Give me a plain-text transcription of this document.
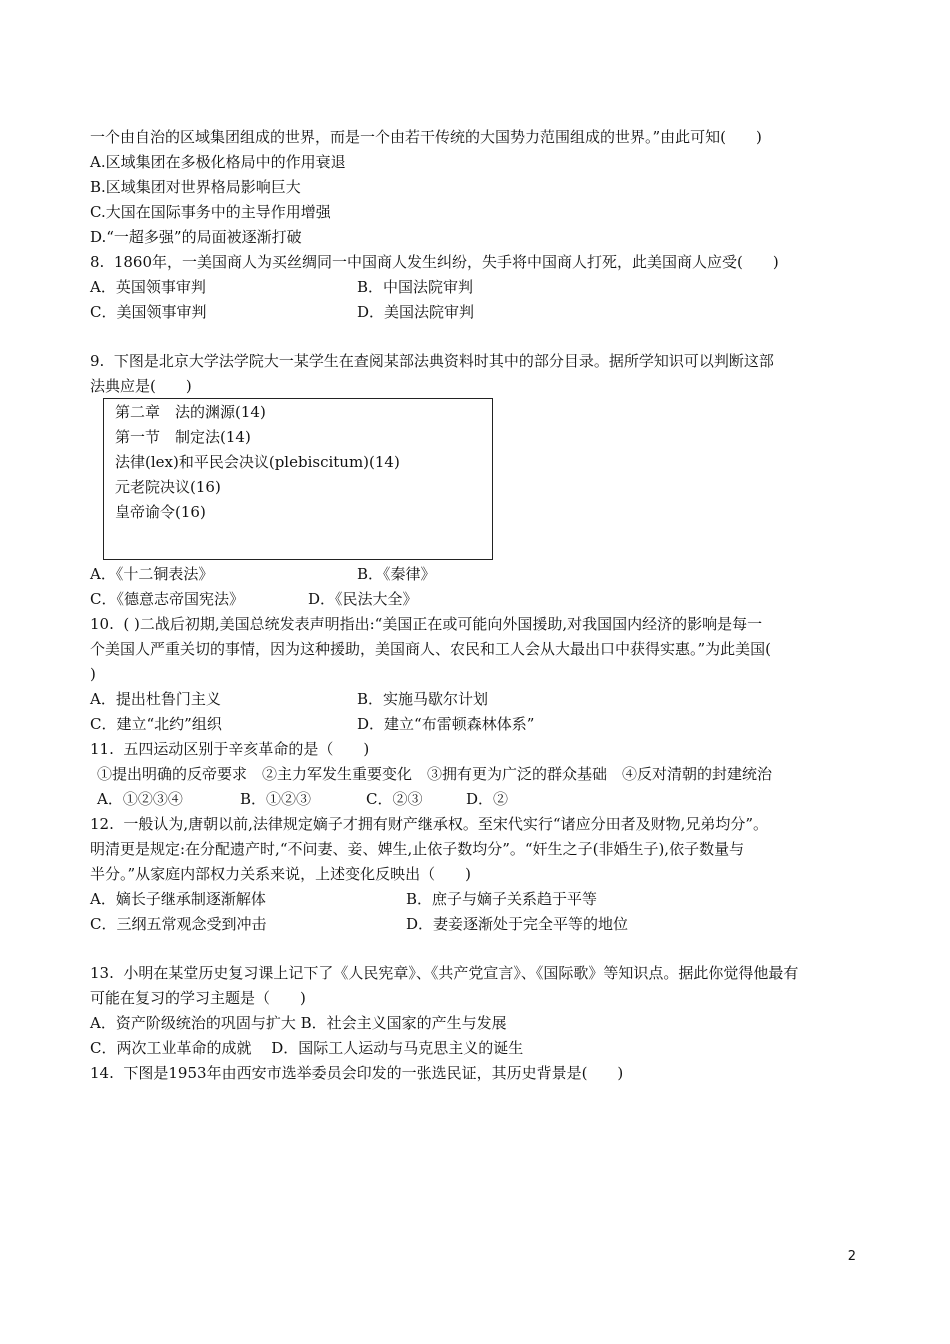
一个由自治的区域集团组成的世界，而是一个由若干传统的大国势力范围组成的世界。”由此可知(　　)
A.区域集团在多极化格局中的作用衰退
B.区域集团对世界格局影响巨大
C.大国在国际事务中的主导作用增强
D.“一超多强”的局面被逐渐打破
8.  1860年，一美国商人为买丝绸同一中国商人发生纠纷，失手将中国商人打死，此美国商人应受(　　)
A．英国领事审判	B．中国法院审判
C．美国领事审判	D．美国法院审判
9.  下图是北京大学法学院大一某学生在查阅某部法典资料时其中的部分目录。据所学知识可以判断这部
法典应是(　　)
第二章　法的渊源(14)
第一节　制定法(14)
法律(lex)和平民会决议(plebiscitum)(14)
元老院决议(16)
皇帝谕令(16)
A．《十二铜表法》	B．《秦律》
C．《德意志帝国宪法》	D．《民法大全》
10.  ( )二战后初期,美国总统发表声明指出:“美国正在或可能向外国援助,对我国国内经济的影响是每一
个美国人严重关切的事情，因为这种援助，美国商人、农民和工人会从大最出口中获得实惠。”为此美国(
)
A．提出杜鲁门主义	B．实施马歇尔计划
C．建立“北约”组织	D．建立“布雷顿森林体系”
11.  五四运动区别于辛亥革命的是（　　)
①提出明确的反帝要求　②主力军发生重要变化　③拥有更为广泛的群众基础　④反对清朝的封建统治
A．①②③④	B．①②③	C．②③	D．②
12.  一般认为,唐朝以前,法律规定嫡子才拥有财产继承权。至宋代实行“诸应分田者及财物,兄弟均分”。
明清更是规定:在分配遗产时,“不问妻、妾、婢生,止依子数均分”。“奸生之子(非婚生子),依子数量与
半分。”从家庭内部权力关系来说，上述变化反映出（　　)
A．嫡长子继承制逐渐解体	B．庶子与嫡子关系趋于平等
C．三纲五常观念受到冲击	D．妻妾逐渐处于完全平等的地位
13.  小明在某堂历史复习课上记下了《人民宪章》、《共产党宣言》、《国际歌》等知识点。据此你觉得他最有
可能在复习的学习主题是（　　)
A．资产阶级统治的巩固与扩大 B．社会主义国家的产生与发展
C．两次工业革命的成就　 D．国际工人运动与马克思主义的诞生
14.  下图是1953年由西安市选举委员会印发的一张选民证，其历史背景是(　　)
2
